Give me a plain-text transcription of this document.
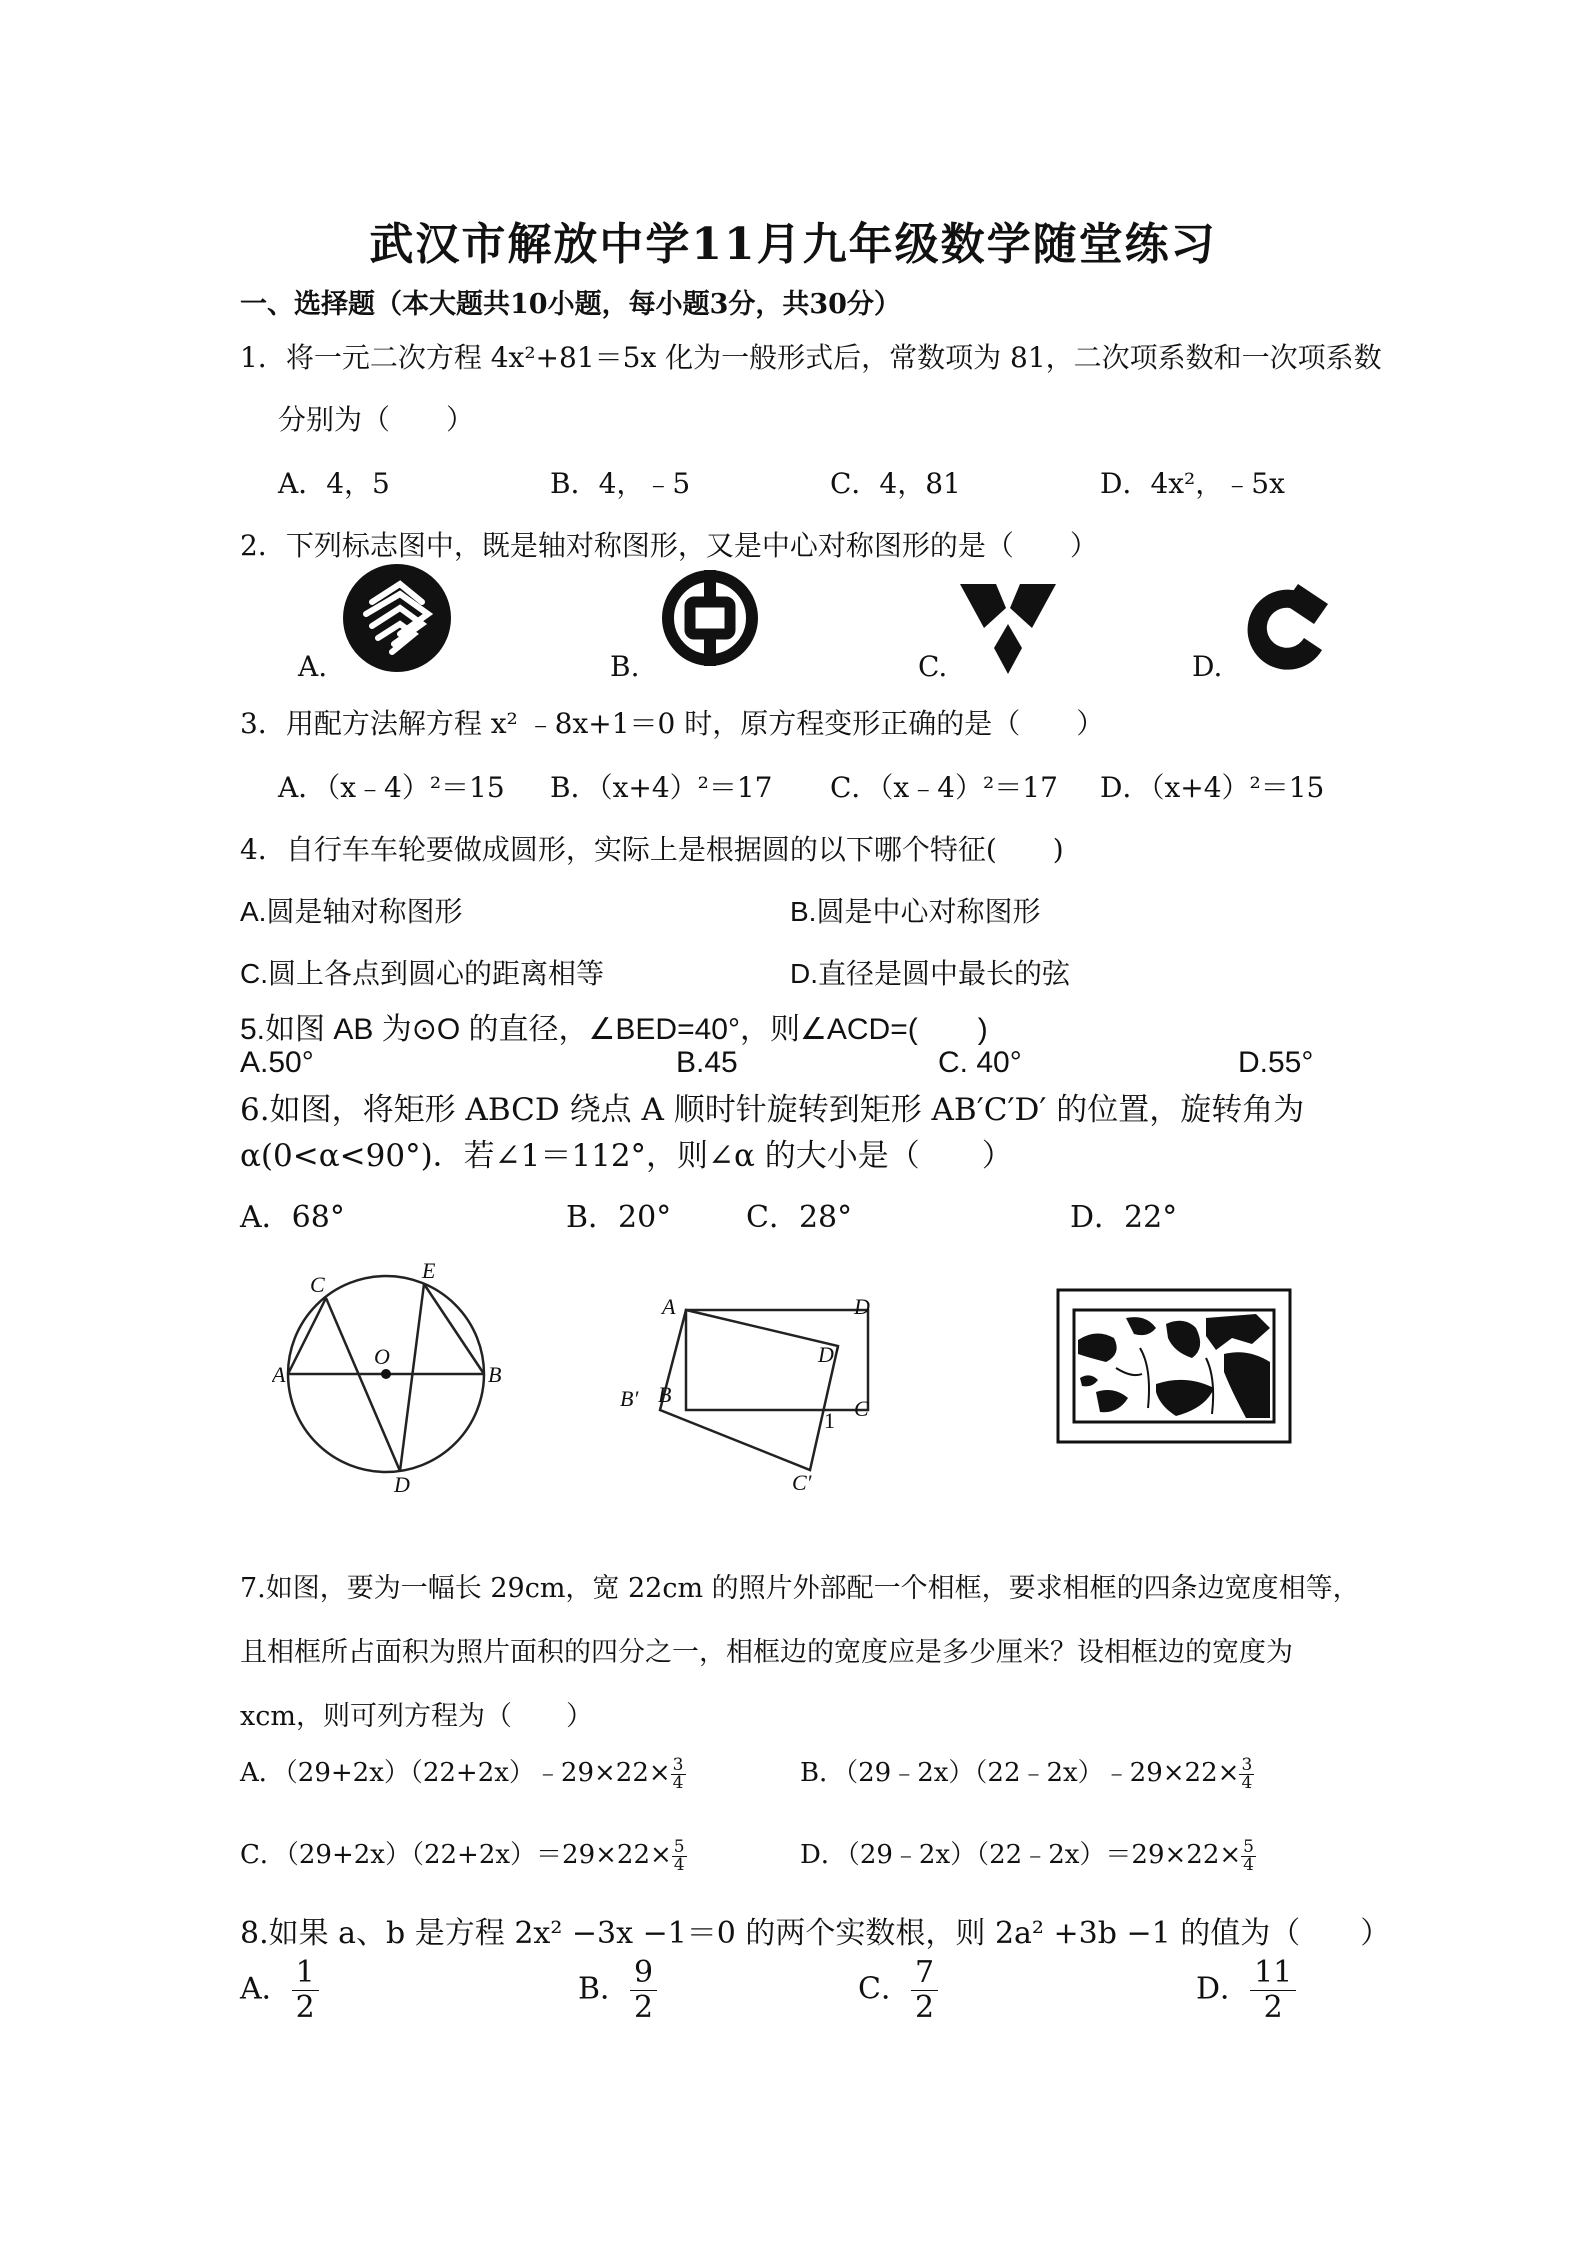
武汉市解放中学11月九年级数学随堂练习
一、选择题（本大题共10小题，每小题3分，共30分）
1．将一元二次方程 4x²+81＝5x 化为一般形式后，常数项为 81，二次项系数和一次项系数
分别为（　　）
A．4，5	B．4，﹣5	C．4，81	D．4x²，﹣5x
2．下列标志图中，既是轴对称图形，又是中心对称图形的是（　　）
A.	B.	C.	D.
3．用配方法解方程 x² ﹣8x+1＝0 时，原方程变形正确的是（　　）
A．（x﹣4）²＝15 B．（x+4）²＝17 C．（x﹣4）²＝17 D．（x+4）²＝15
4．自行车车轮要做成圆形，实际上是根据圆的以下哪个特征(　　)
A.圆是轴对称图形	B.圆是中心对称图形
C.圆上各点到圆心的距离相等	D.直径是圆中最长的弦
5.如图 AB 为⊙O 的直径，∠BED=40°，则∠ACD=(　　)
A.50°	B.45	C. 40°	D.55°
6.如图，将矩形 ABCD 绕点 A 顺时针旋转到矩形 AB′C′D′ 的位置，旋转角为
α(0<α<90°)．若∠1＝112°，则∠α 的大小是（　　）
A．68°	B．20° C．28°	D．22°
C
E
A
O
B
D
A	D
D′
B′ B
C
1
C′
7.如图，要为一幅长 29cm，宽 22cm 的照片外部配一个相框，要求相框的四条边宽度相等，
且相框所占面积为照片面积的四分之一，相框边的宽度应是多少厘米？设相框边的宽度为
xcm，则可列方程为（　　）
A．（29+2x）（22+2x）﹣29×22× $\frac{3}{4}$	B．（29﹣2x）（22﹣2x）﹣29×22× $\frac{3}{4}$
C．$(29+2x)(22+2x)=29\times 22\times \frac{5}{4}$	D．（29﹣2x）（22﹣2x）＝29×22× $\frac{5}{4}$
8.如果 a、b 是方程 2x² −3x −1＝0 的两个实数根，则 2a² +3b −1 的值为（　　）
A． $\frac{1}{2}$	B． $\frac{9}{2}$	C． $\frac{7}{2}$	D． $\frac{11}{2}$
